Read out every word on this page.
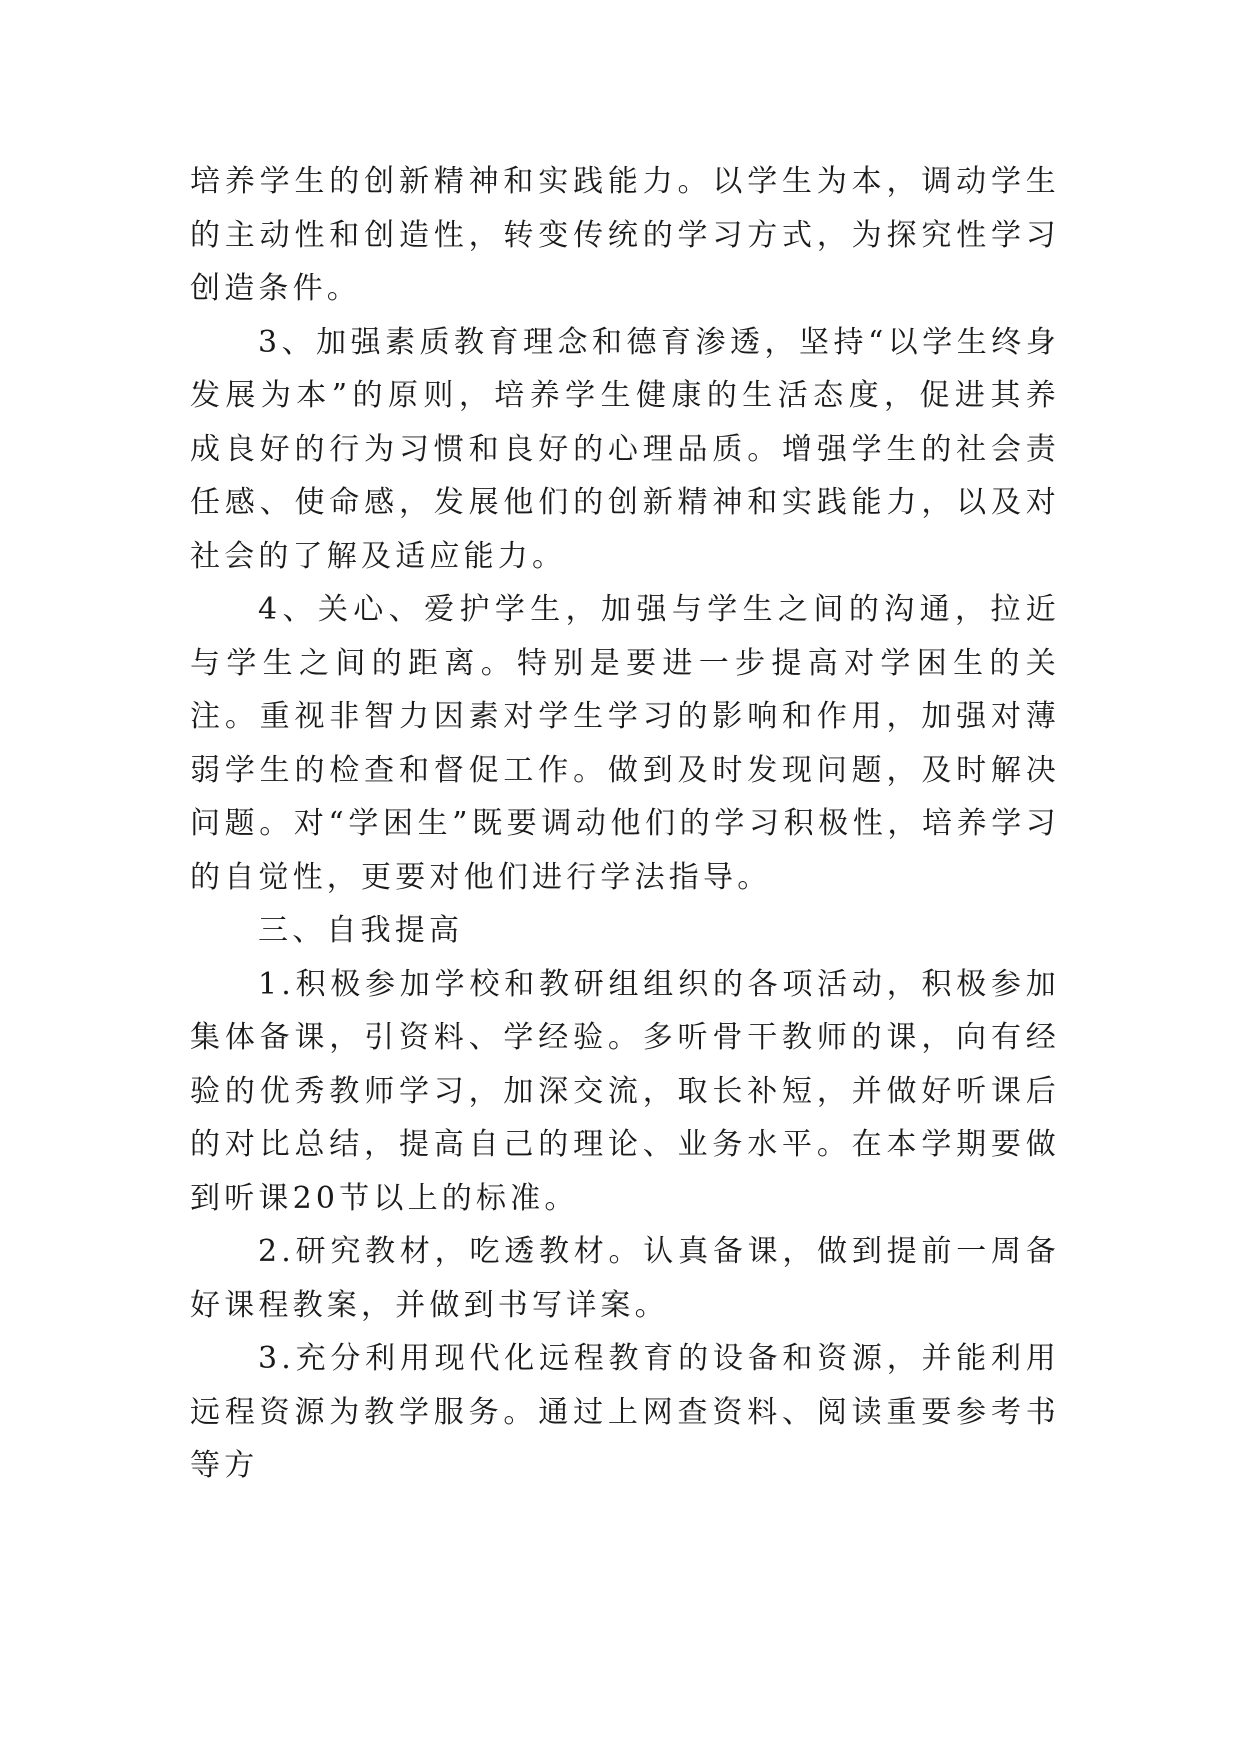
培养学生的创新精神和实践能力。以学生为本，调动学生的主动性和创造性，转变传统的学习方式，为探究性学习创造条件。

3、加强素质教育理念和德育渗透，坚持“以学生终身发展为本”的原则，培养学生健康的生活态度，促进其养成良好的行为习惯和良好的心理品质。增强学生的社会责任感、使命感，发展他们的创新精神和实践能力，以及对社会的了解及适应能力。

4、关心、爱护学生，加强与学生之间的沟通，拉近与学生之间的距离。特别是要进一步提高对学困生的关注。重视非智力因素对学生学习的影响和作用，加强对薄弱学生的检查和督促工作。做到及时发现问题，及时解决问题。对“学困生”既要调动他们的学习积极性，培养学习的自觉性，更要对他们进行学法指导。

三、自我提高

1.积极参加学校和教研组组织的各项活动，积极参加集体备课，引资料、学经验。多听骨干教师的课，向有经验的优秀教师学习，加深交流，取长补短，并做好听课后的对比总结，提高自己的理论、业务水平。在本学期要做到听课20节以上的标准。

2.研究教材，吃透教材。认真备课，做到提前一周备好课程教案，并做到书写详案。

3.充分利用现代化远程教育的设备和资源，并能利用远程资源为教学服务。通过上网查资料、阅读重要参考书等方
